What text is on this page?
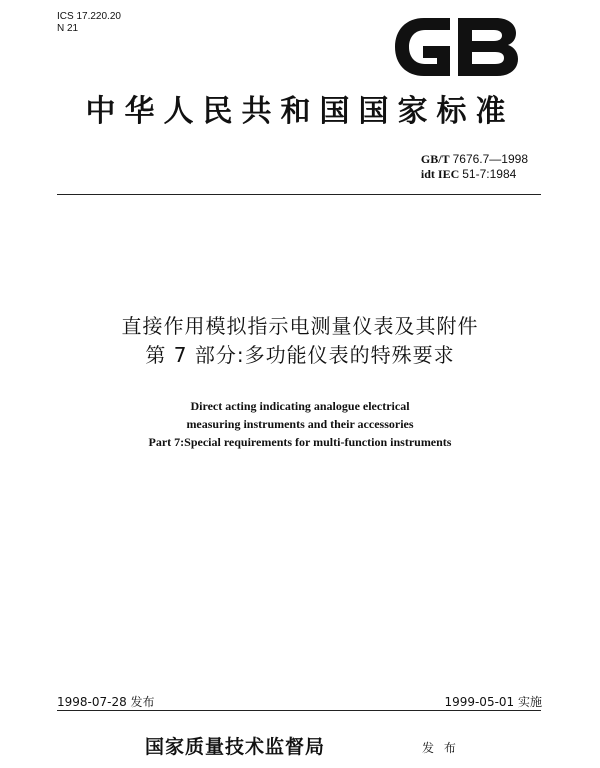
ICS 17.220.20
N 21
中华人民共和国国家标准
GB/T 7676.7—1998
idt IEC 51-7:1984
直接作用模拟指示电测量仪表及其附件
第 7 部分:多功能仪表的特殊要求
Direct acting indicating analogue electrical
measuring instruments and their accessories
Part 7:Special requirements for multi-function instruments
1998-07-28 发布	1999-05-01 实施
国家质量技术监督局	发 布
